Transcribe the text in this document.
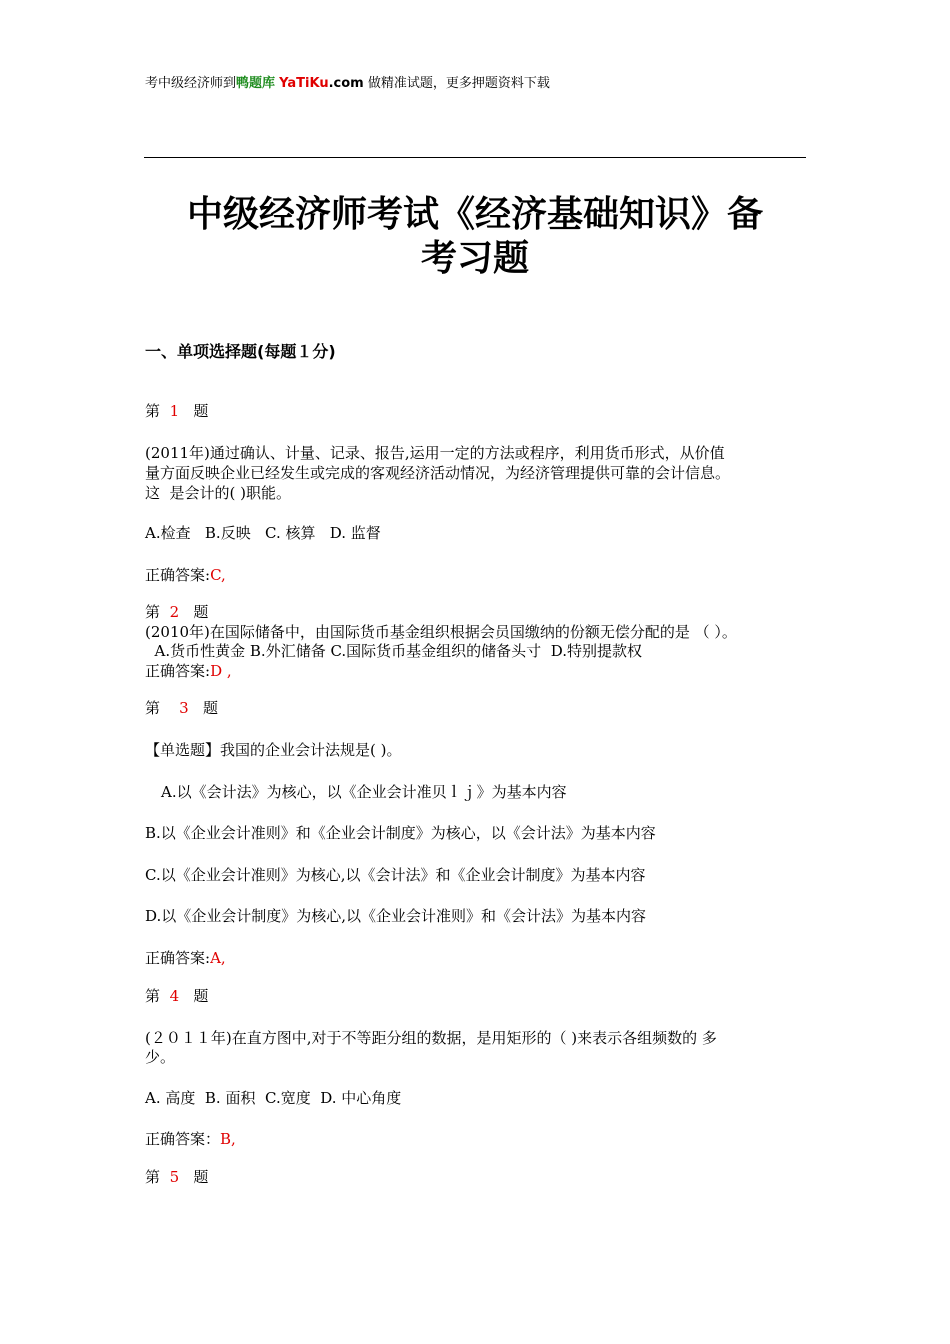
考中级经济师到鸭题库 YaTiKu.com 做精准试题，更多押题资料下载
中级经济师考试《经济基础知识》备
考习题
一、单项选择题(每题１分)
第 1 题
(2011年)通过确认、计量、记录、报告,运用一定的方法或程序，利用货币形式，从价值
量方面反映企业已经发生或完成的客观经济活动情况，为经济管理提供可靠的会计信息。
这  是会计的( )职能。
A.检查   B.反映   C. 核算   D. 监督
正确答案:C,
第 2 题
(2010年)在国际储备中，由国际货币基金组织根据会员国缴纳的份额无偿分配的是 （ ）。
A.货币性黄金 B.外汇储备 C.国际货币基金组织的储备头寸  D.特别提款权
正确答案:D ,
第 3 题
【单选题】我国的企业会计法规是( )。
A.以《会计法》为核心，以《企业会计准贝ｌｊ》为基本内容
B.以《企业会计准则》和《企业会计制度》为核心，以《会计法》为基本内容
C.以《企业会计准则》为核心,以《会计法》和《企业会计制度》为基本内容
D.以《企业会计制度》为核心,以《企业会计准则》和《会计法》为基本内容
正确答案:A,
第 4 题
(２０１１年)在直方图中,对于不等距分组的数据，是用矩形的（ )来表示各组频数的 多
少。
A. 高度  B. 面积  C.宽度  D. 中心角度
正确答案：B,
第 5 题
